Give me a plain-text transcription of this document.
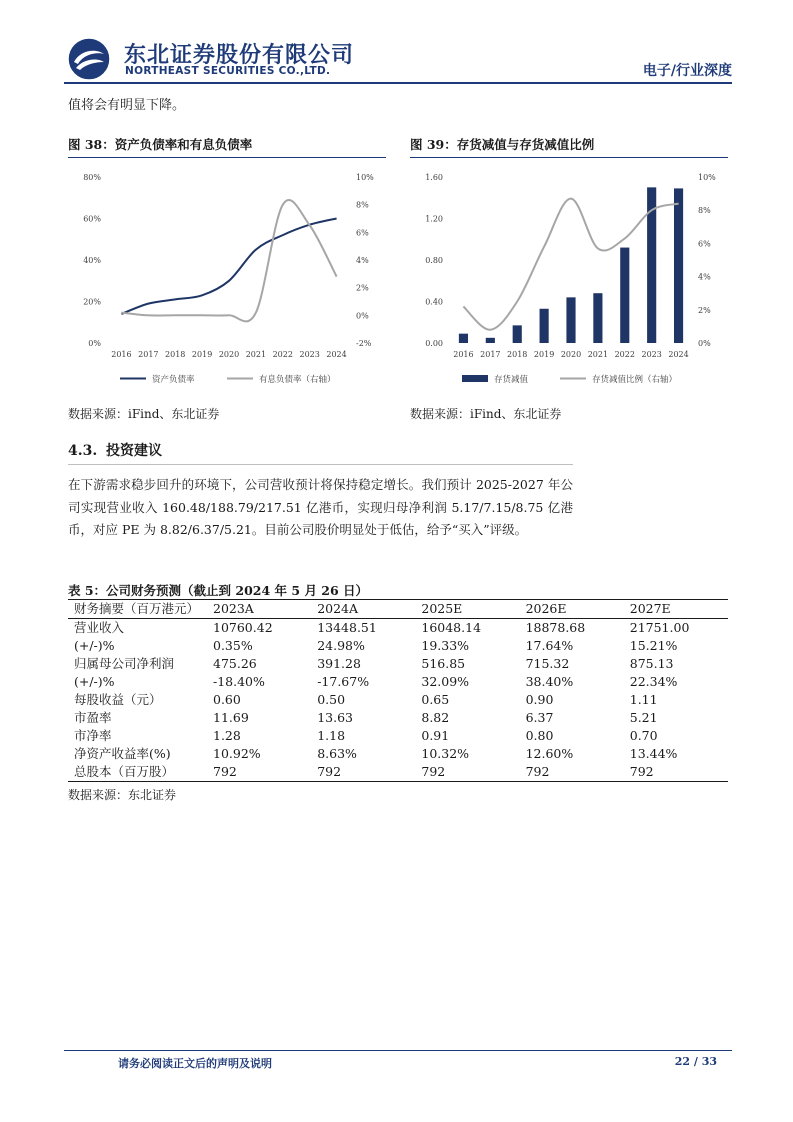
东北证券股份有限公司
NORTHEAST SECURITIES CO.,LTD.	电子/行业深度
值将会有明显下降。
图 38：资产负债率和有息负债率
0%
20%
40%
60%
80%
-2%
0%
2%
4%
6%
8%
10%
2016 2017 2018 2019 2020 2021 2022 2023 2024
资产负债率	有息负债率（右轴）
数据来源：iFind、东北证券
图 39：存货减值与存货减值比例
0.00
0.40
0.80
1.20
1.60
0%
2%
4%
6%
8%
10%
2016 2017 2018 2019 2020 2021 2022 2023 2024
存货减值	存货减值比例（右轴）
数据来源：iFind、东北证券
4.3. 投资建议
在下游需求稳步回升的环境下，公司营收预计将保持稳定增长。我们预计 2025-2027 年公司实现营业收入 160.48/188.79/217.51 亿港币，实现归母净利润 5.17/7.15/8.75 亿港币，对应 PE 为 8.82/6.37/5.21。目前公司股价明显处于低估，给予“买入”评级。
表 5：公司财务预测（截止到 2024 年 5 月 26 日）
财务摘要（百万港元）	2023A	2024A	2025E	2026E	2027E
营业收入	10760.42	13448.51	16048.14	18878.68	21751.00
(+/-)%	0.35%	24.98%	19.33%	17.64%	15.21%
归属母公司净利润	475.26	391.28	516.85	715.32	875.13
(+/-)%	-18.40%	-17.67%	32.09%	38.40%	22.34%
每股收益（元）	0.60	0.50	0.65	0.90	1.11
市盈率	11.69	13.63	8.82	6.37	5.21
市净率	1.28	1.18	0.91	0.80	0.70
净资产收益率(%)	10.92%	8.63%	10.32%	12.60%	13.44%
总股本（百万股）	792	792	792	792	792
数据来源：东北证券
请务必阅读正文后的声明及说明	22 / 33
